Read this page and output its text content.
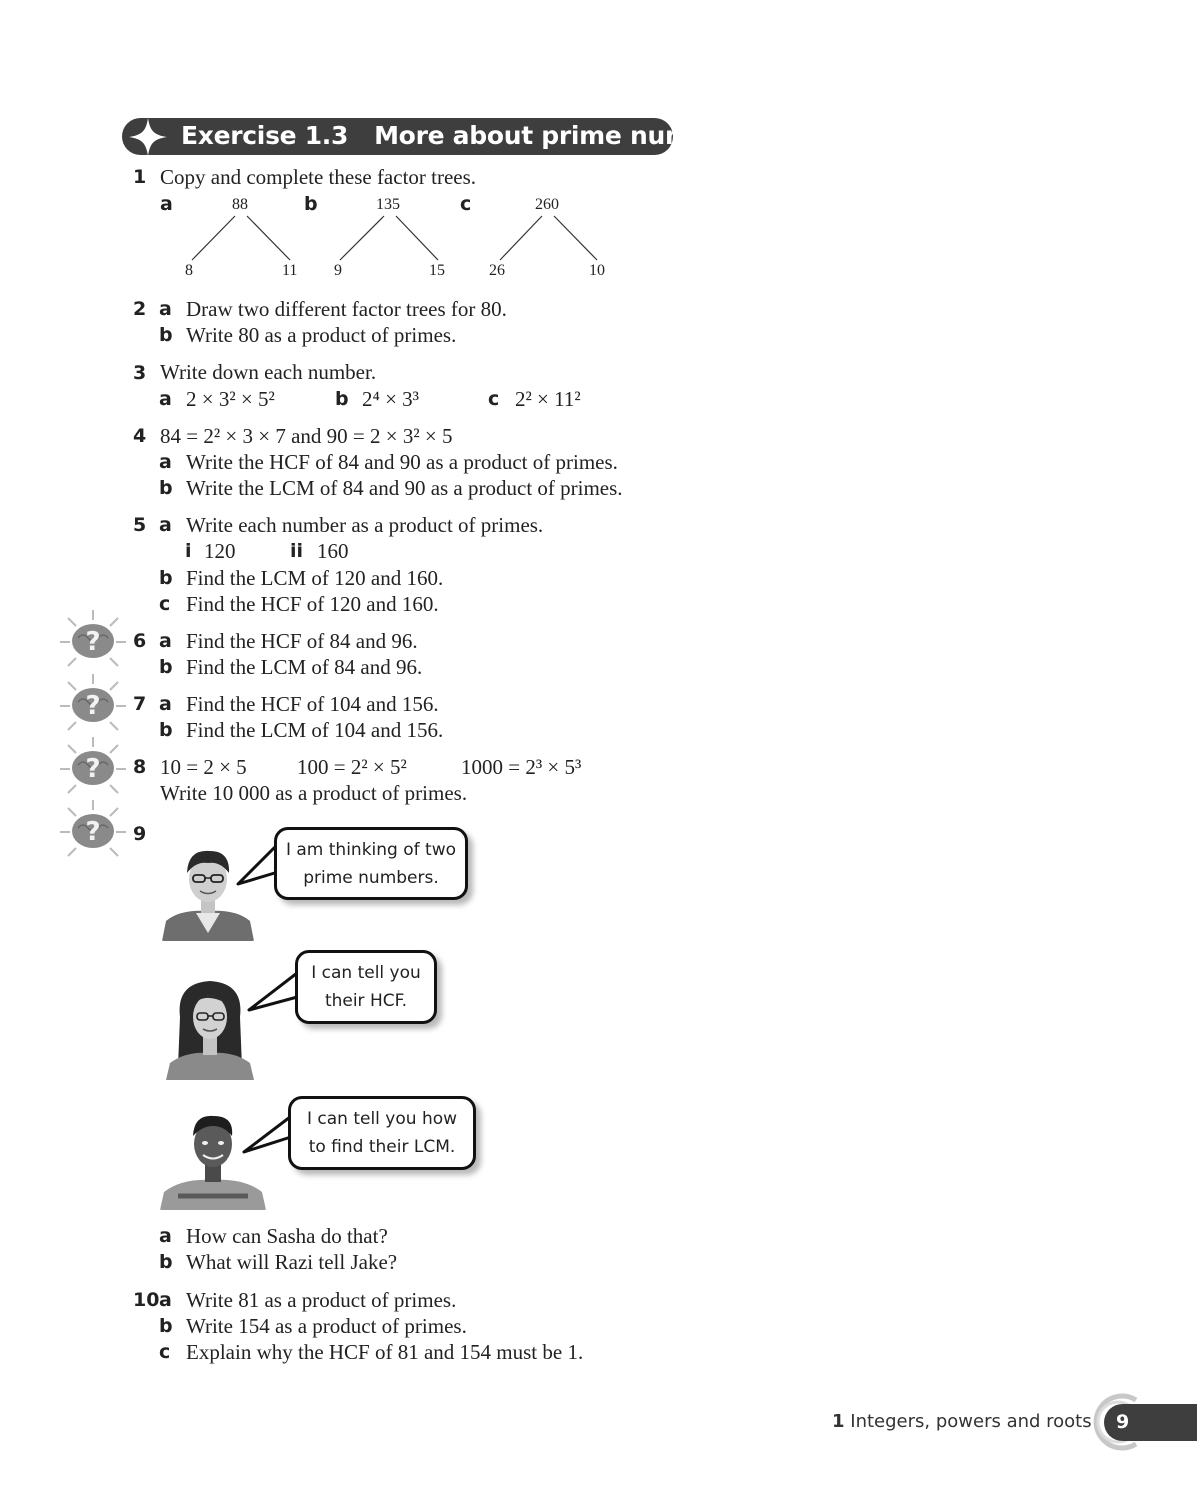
Exercise 1.3 More about prime numbers
1 Copy and complete these factor trees.
a	b	c
88
8	11
135
9	15
260
26	10
2 a Draw two different factor trees for 80.
b Write 80 as a product of primes.
3 Write down each number.
a 2 × 3² × 5²	b 2⁴ × 3³	c 2² × 11²
4 84 = 2² × 3 × 7 and 90 = 2 × 3² × 5
a Write the HCF of 84 and 90 as a product of primes.
b Write the LCM of 84 and 90 as a product of primes.
5 a Write each number as a product of primes.
i 120	ii 160
b Find the LCM of 120 and 160.
c Find the HCF of 120 and 160.
?
?
?
?
6 a Find the HCF of 84 and 96.
b Find the LCM of 84 and 96.
7 a Find the HCF of 104 and 156.
b Find the LCM of 104 and 156.
8 10 = 2 × 5 100 = 2² × 5²	1000 = 2³ × 5³
Write 10 000 as a product of primes.
9
I am thinking of two
prime numbers.
I can tell you
their HCF.
I can tell you how
to find their LCM.
a How can Sasha do that?
b What will Razi tell Jake?
10 a Write 81 as a product of primes.
b Write 154 as a product of primes.
c Explain why the HCF of 81 and 154 must be 1.
1 Integers, powers and roots 9
